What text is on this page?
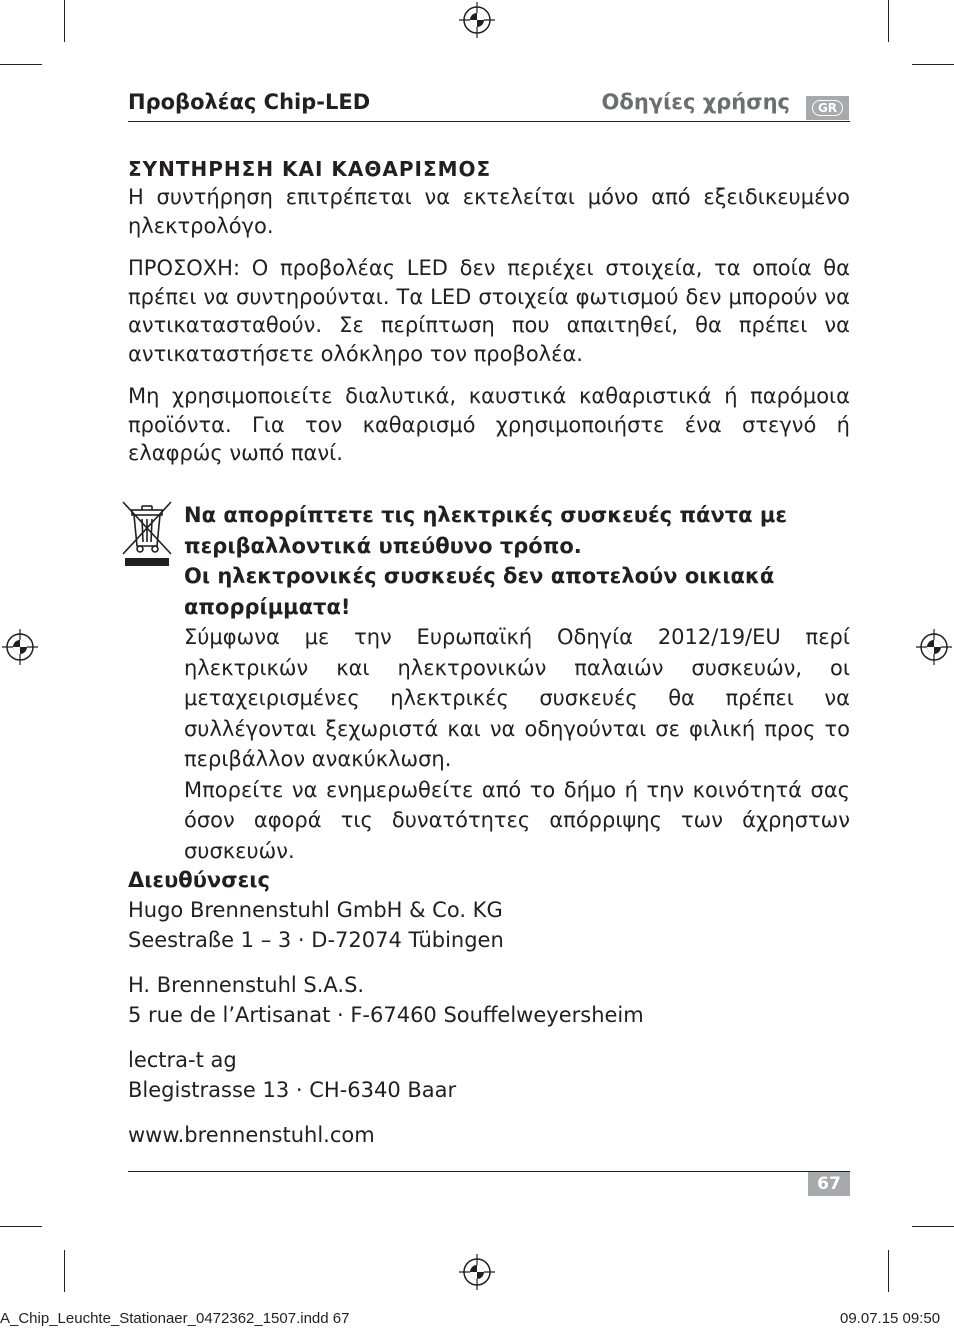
Προβολέας Chip-LED	Οδηγίες χρήσης	GR
ΣΥΝΤΗΡΗΣΗ ΚΑΙ ΚΑΘΑΡΙΣΜΟΣ

Η συντήρηση επιτρέπεται να εκτελείται μόνο από εξειδικευμένο ηλεκτρολόγο.

ΠΡΟΣΟΧΗ: Ο προβολέας LED δεν περιέχει στοιχεία, τα οποία θα πρέπει να συντηρούνται. Τα LED στοιχεία φωτισμού δεν μπορούν να αντικατασταθούν. Σε περίπτωση που απαιτηθεί, θα πρέπει να αντικαταστήσετε ολόκληρο τον προβολέα.

Μη χρησιμοποιείτε διαλυτικά, καυστικά καθαριστικά ή παρόμοια προϊόντα. Για τον καθαρισμό χρησιμοποιήστε ένα στεγνό ή ελαφρώς νωπό πανί.

Να απορρίπτετε τις ηλεκτρικές συσκευές πάντα με περιβαλλοντικά υπεύθυνο τρόπο.

Οι ηλεκτρονικές συσκευές δεν αποτελούν οικιακά απορρίμματα!

Σύμφωνα με την Ευρωπαϊκή Οδηγία 2012/19/EU περί ηλεκτρικών και ηλεκτρονικών παλαιών συσκευών, οι μεταχειρισμένες ηλεκτρικές συσκευές θα πρέπει να συλλέγονται ξεχωριστά και να οδηγούνται σε φιλική προς το περιβάλλον ανακύκλωση.

Μπορείτε να ενημερωθείτε από το δήμο ή την κοινότητά σας όσον αφορά τις δυνατότητες απόρριψης των άχρηστων συσκευών.

Διευθύνσεις

Hugo Brennenstuhl GmbH & Co. KG

Seestraße 1 – 3 · D-72074 Tübingen

H. Brennenstuhl S.A.S.

5 rue de l’Artisanat · F-67460 Souffelweyersheim

lectra-t ag

Blegistrasse 13 · CH-6340 Baar

www.brennenstuhl.com

67
A_Chip_Leuchte_Stationaer_0472362_1507.indd 67	09.07.15 09:50
